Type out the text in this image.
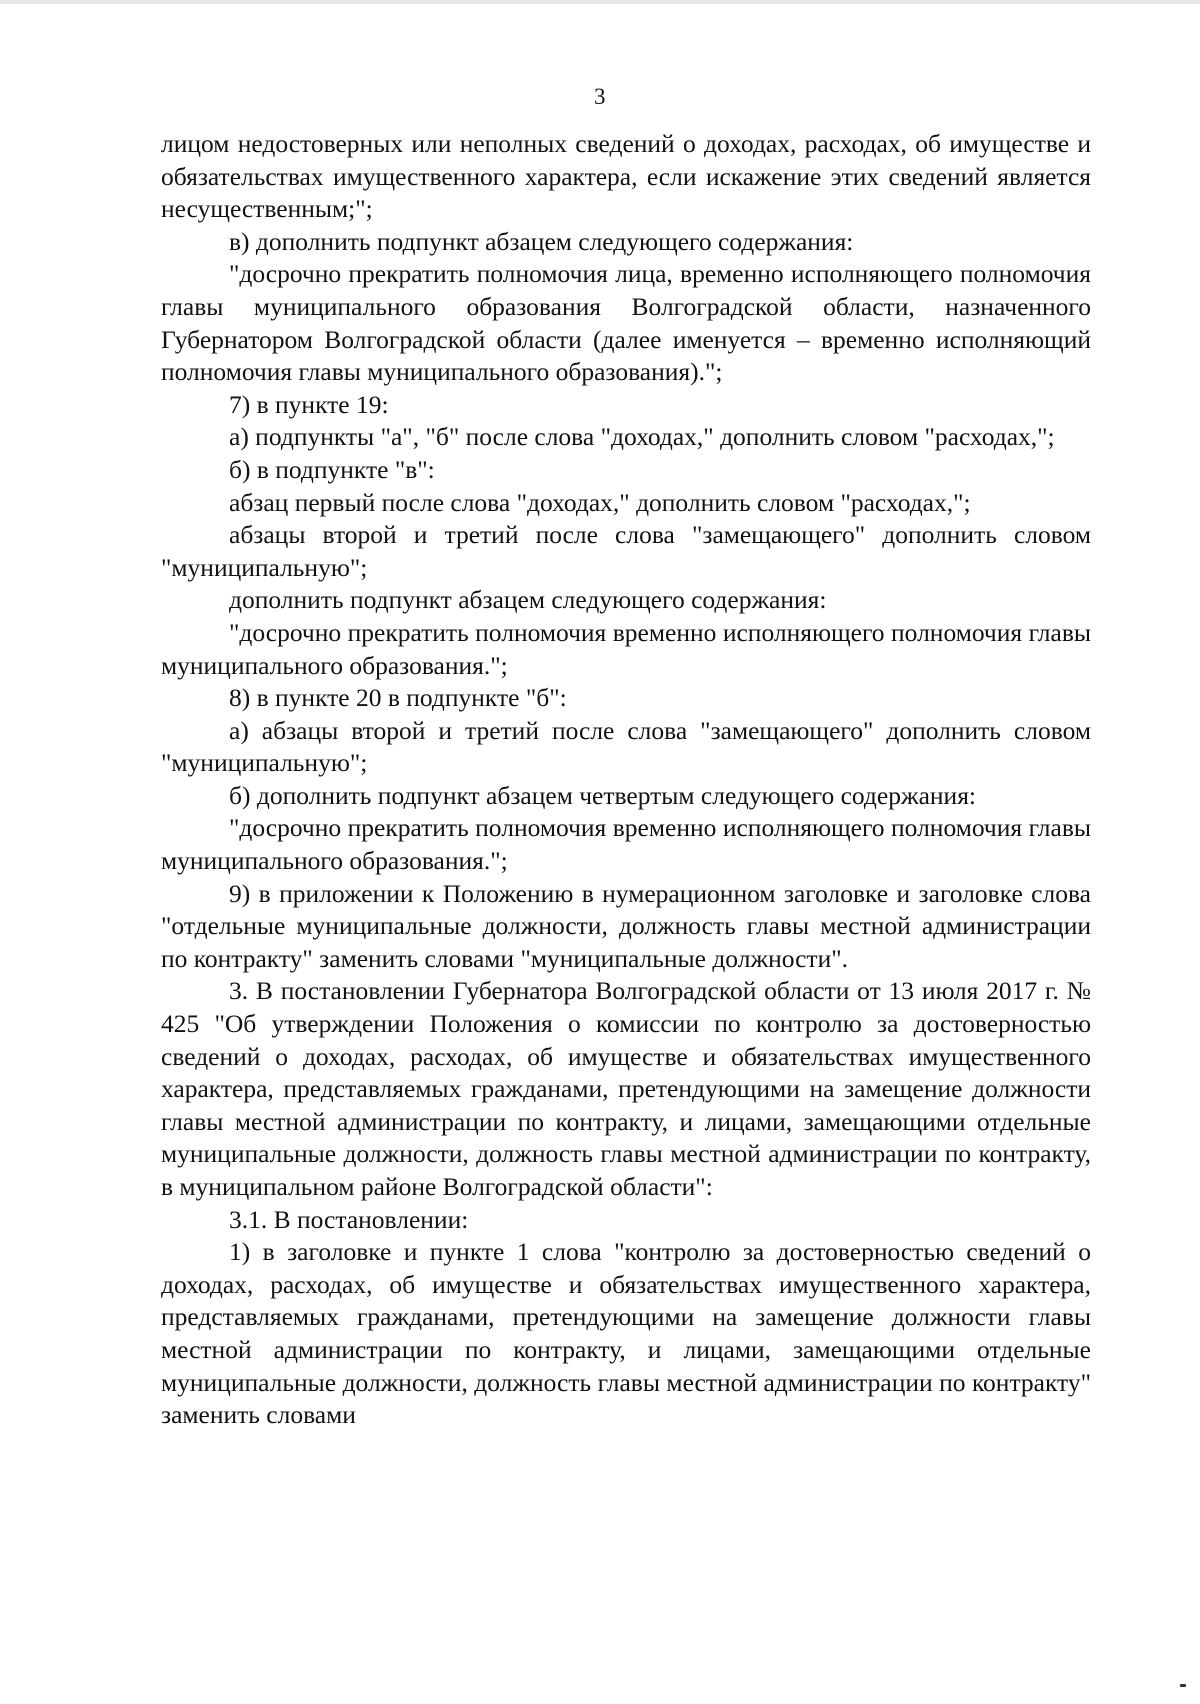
3

лицом недостоверных или неполных сведений о доходах, расходах, об имуществе и обязательствах имущественного характера, если искажение этих сведений является несущественным;";

в) дополнить подпункт абзацем следующего содержания:

"досрочно прекратить полномочия лица, временно исполняющего полномочия главы муниципального образования Волгоградской области, назначенного Губернатором Волгоградской области (далее именуется – временно исполняющий полномочия главы муниципального образования).";

7) в пункте 19:

а) подпункты "а", "б" после слова "доходах," дополнить словом "расходах,";

б) в подпункте "в":

абзац первый после слова "доходах," дополнить словом "расходах,";

абзацы второй и третий после слова "замещающего" дополнить словом "муниципальную";

дополнить подпункт абзацем следующего содержания:

"досрочно прекратить полномочия временно исполняющего полномочия главы муниципального образования.";

8) в пункте 20 в подпункте "б":

а) абзацы второй и третий после слова "замещающего" дополнить словом "муниципальную";

б) дополнить подпункт абзацем четвертым следующего содержания:

"досрочно прекратить полномочия временно исполняющего полномочия главы муниципального образования.";

9) в приложении к Положению в нумерационном заголовке и заголовке слова "отдельные муниципальные должности, должность главы местной администрации по контракту" заменить словами "муниципальные должности".

3. В постановлении Губернатора Волгоградской области от 13 июля 2017 г. № 425 "Об утверждении Положения о комиссии по контролю за достоверностью сведений о доходах, расходах, об имуществе и обязательствах имущественного характера, представляемых гражданами, претендующими на замещение должности главы местной администрации по контракту, и лицами, замещающими отдельные муниципальные должности, должность главы местной администрации по контракту, в муниципальном районе Волгоградской области":

3.1. В постановлении:

1) в заголовке и пункте 1 слова "контролю за достоверностью сведений о доходах, расходах, об имуществе и обязательствах имущественного характера, представляемых гражданами, претендующими на замещение должности главы местной администрации по контракту, и лицами, замещающими отдельные муниципальные должности, должность главы местной администрации по контракту" заменить словами
